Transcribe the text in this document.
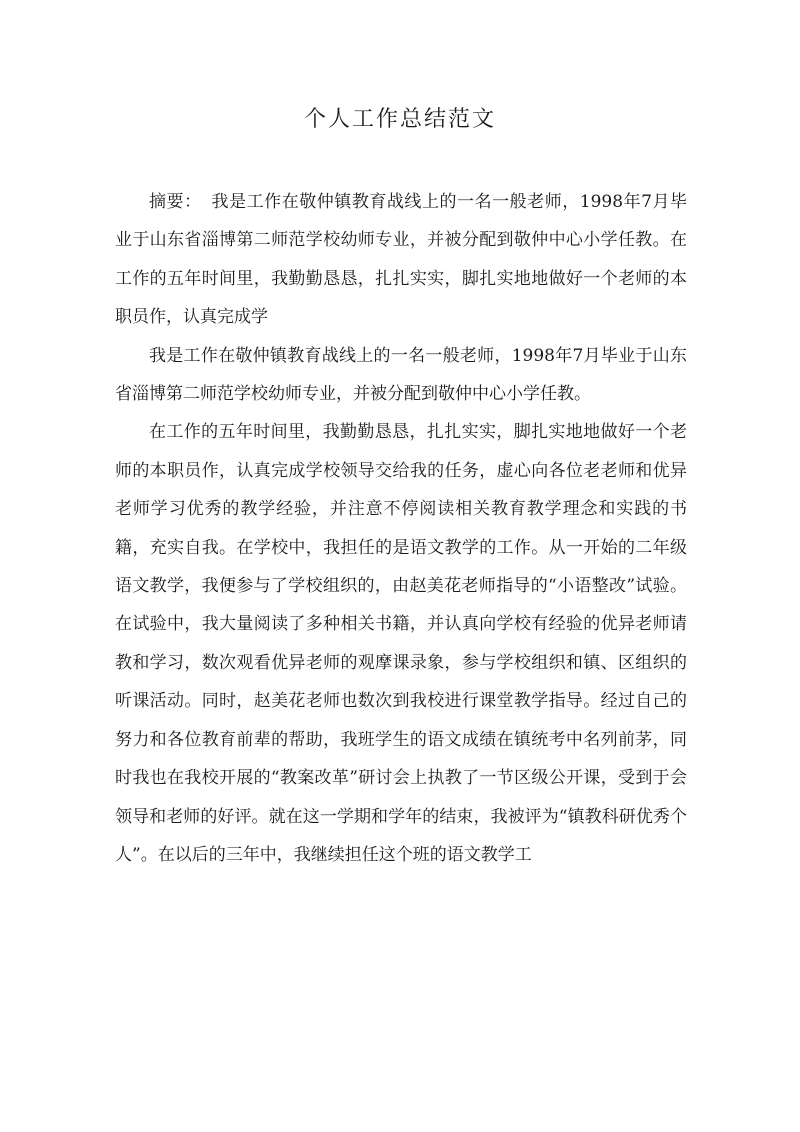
个人工作总结范文

摘要： 我是工作在敬仲镇教育战线上的一名一般老师，1998年7月毕业于山东省淄博第二师范学校幼师专业，并被分配到敬仲中心小学任教。在工作的五年时间里，我勤勤恳恳，扎扎实实，脚扎实地地做好一个老师的本职员作，认真完成学

我是工作在敬仲镇教育战线上的一名一般老师，1998年7月毕业于山东省淄博第二师范学校幼师专业，并被分配到敬仲中心小学任教。

在工作的五年时间里，我勤勤恳恳，扎扎实实，脚扎实地地做好一个老师的本职员作，认真完成学校领导交给我的任务，虚心向各位老老师和优异老师学习优秀的教学经验，并注意不停阅读相关教育教学理念和实践的书籍，充实自我。在学校中，我担任的是语文教学的工作。从一开始的二年级语文教学，我便参与了学校组织的，由赵美花老师指导的“小语整改”试验。在试验中，我大量阅读了多种相关书籍，并认真向学校有经验的优异老师请教和学习，数次观看优异老师的观摩课录象，参与学校组织和镇、区组织的听课活动。同时，赵美花老师也数次到我校进行课堂教学指导。经过自己的努力和各位教育前辈的帮助，我班学生的语文成绩在镇统考中名列前茅，同时我也在我校开展的“教案改革”研讨会上执教了一节区级公开课，受到于会领导和老师的好评。就在这一学期和学年的结束，我被评为“镇教科研优秀个人”。在以后的三年中，我继续担任这个班的语文教学工
